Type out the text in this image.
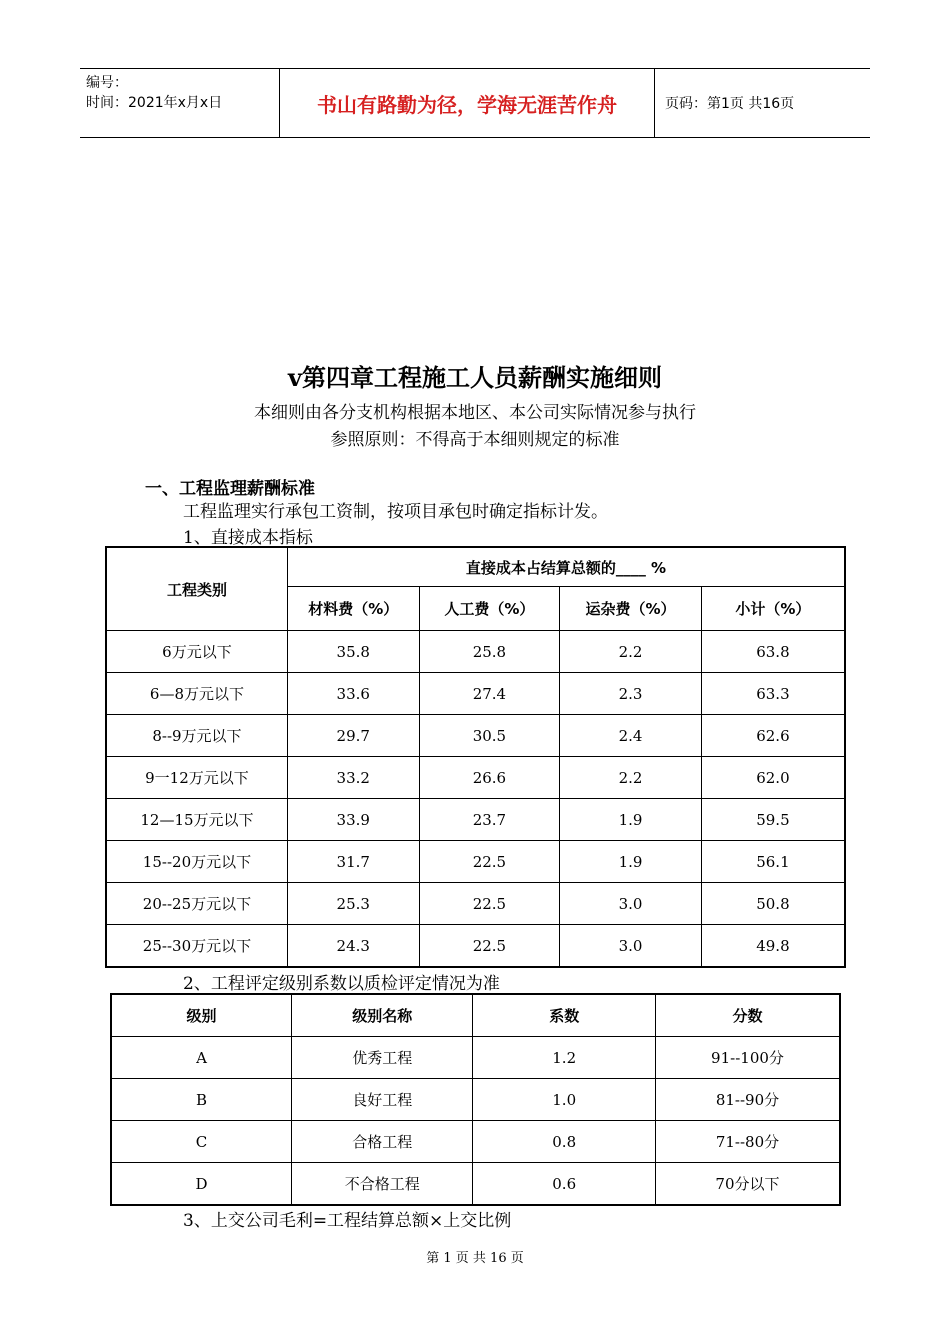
编号：
时间：2021年x月x日	书山有路勤为径，学海无涯苦作舟	页码：第1页 共16页
v第四章工程施工人员薪酬实施细则
本细则由各分支机构根据本地区、本公司实际情况参与执行
参照原则：不得高于本细则规定的标准
一、工程监理薪酬标准
工程监理实行承包工资制，按项目承包时确定指标计发。
1、直接成本指标
工程类别	直接成本占结算总额的____ %			
	材料费（%）	人工费（%）	运杂费（%）	小计（%）
6万元以下	35.8	25.8	2.2	63.8
6—8万元以下	33.6	27.4	2.3	63.3
8--9万元以下	29.7	30.5	2.4	62.6
9一12万元以下	33.2	26.6	2.2	62.0
12—15万元以下	33.9	23.7	1.9	59.5
15--20万元以下	31.7	22.5	1.9	56.1
20--25万元以下	25.3	22.5	3.0	50.8
25--30万元以下	24.3	22.5	3.0	49.8
2、工程评定级别系数以质检评定情况为准
级别	级别名称	系数	分数
A	优秀工程	1.2	91--100分
B	良好工程	1.0	81--90分
C	合格工程	0.8	71--80分
D	不合格工程	0.6	70分以下
3、上交公司毛利=工程结算总额×上交比例
第 1 页 共 16 页
